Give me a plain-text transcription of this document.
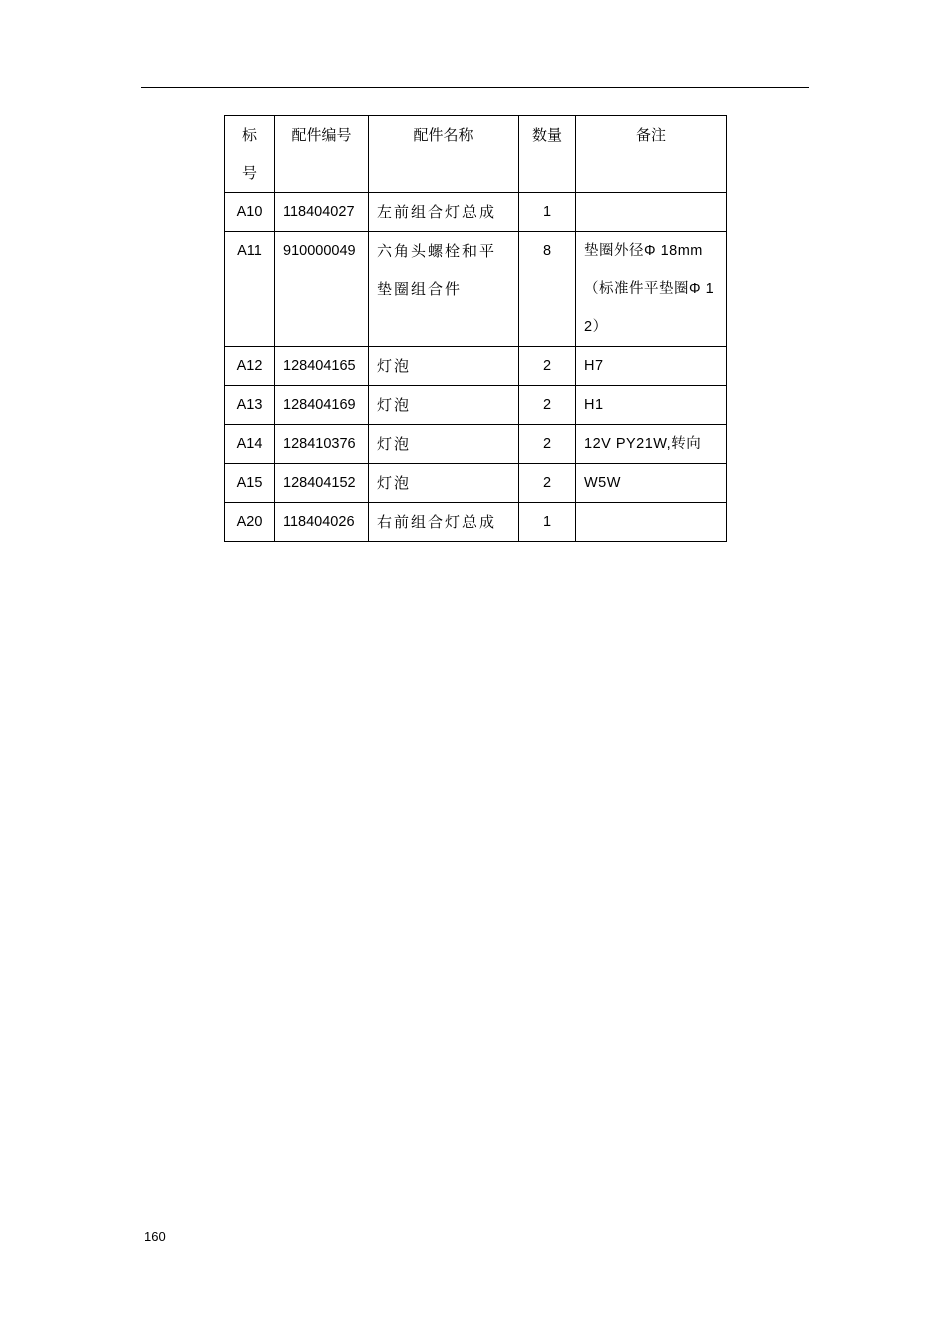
标号	配件编号	配件名称	数量	备注
A10	118404027	左前组合灯总成	1	
A11	910000049	六角头螺栓和平垫圈组合件	8	垫圈外径Φ 18mm（标准件平垫圈Φ 12）
A12	128404165	灯泡	2	H7
A13	128404169	灯泡	2	H1
A14	128410376	灯泡	2	12V PY21W,转向
A15	128404152	灯泡	2	W5W
A20	118404026	右前组合灯总成	1	
160
